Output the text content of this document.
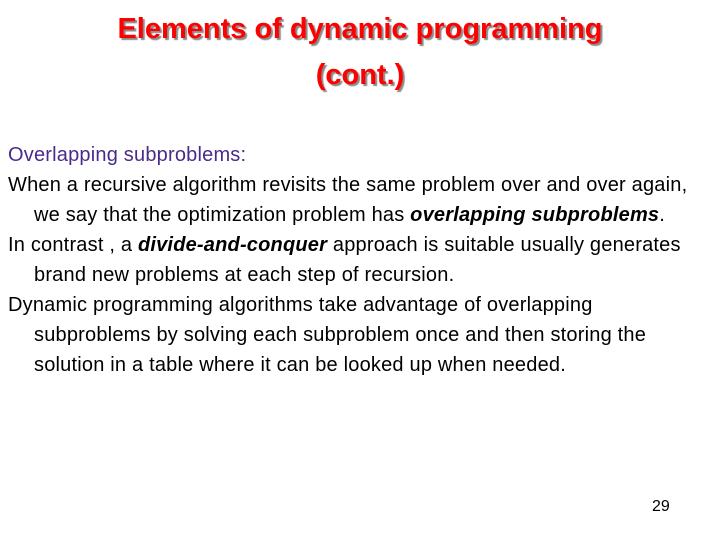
Elements of dynamic programming
(cont.)

Overlapping subproblems:

When a recursive algorithm revisits the same problem over and over again, we say that the optimization problem has overlapping subproblems.

In contrast , a divide-and-conquer approach is suitable usually generates brand new problems at each step of recursion.

Dynamic programming algorithms take advantage of overlapping subproblems by solving each subproblem once and then storing the solution in a table where it can be looked up when needed.

29
